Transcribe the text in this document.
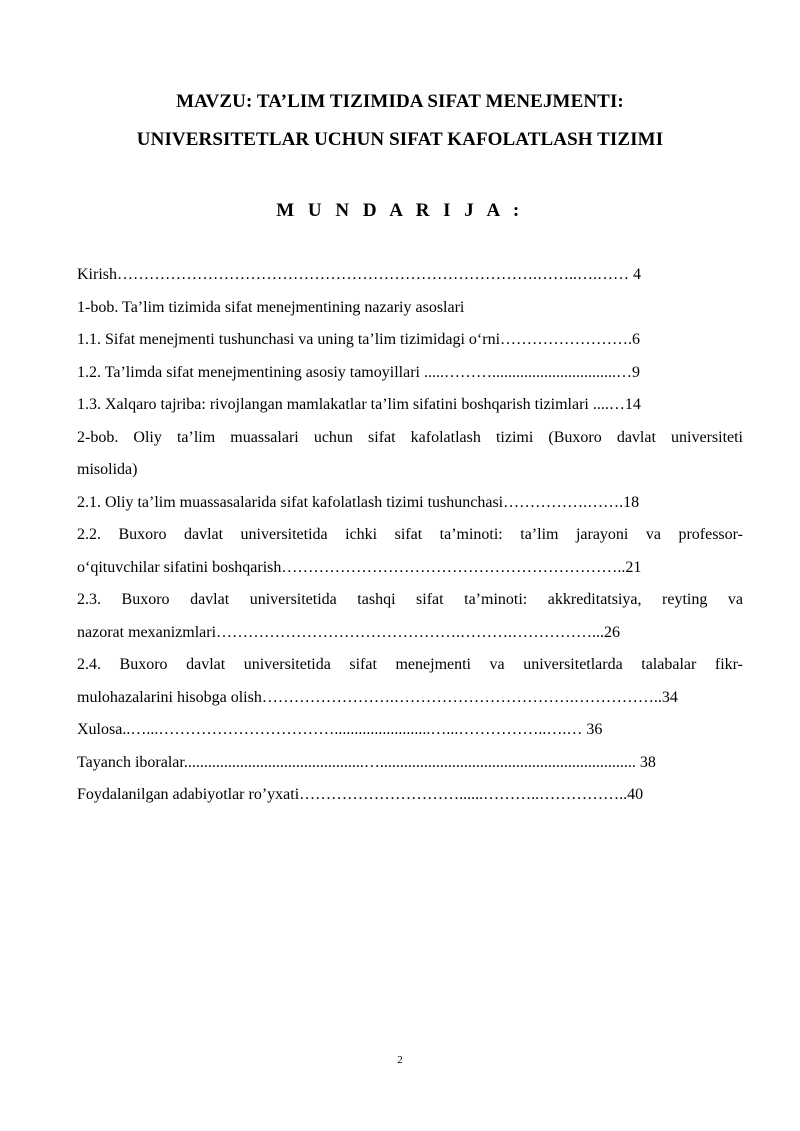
MAVZU: TA’LIM TIZIMIDA SIFAT MENEJMENTI:
UNIVERSITETLAR UCHUN SIFAT KAFOLATLASH TIZIMI
M U N D A R I J A :
Kirish…………………………………………………………………….……..….…… 4
1-bob. Ta’lim tizimida sifat menejmentining nazariy asoslari
1.1. Sifat menejmenti tushunchasi va uning ta’lim tizimidagi o‘rni…………………….6
1.2. Ta’limda sifat menejmentining asosiy tamoyillari .....………...............................…9
1.3. Xalqaro tajriba: rivojlangan mamlakatlar ta’lim sifatini boshqarish tizimlari ....…14
2-bob. Oliy ta’lim muassalari uchun sifat kafolatlash tizimi (Buxoro davlat universiteti
misolida)
2.1. Oliy ta’lim muassasalarida sifat kafolatlash tizimi tushunchasi…………….…….18
2.2. Buxoro davlat universitetida ichki sifat ta’minoti: ta’lim jarayoni va professor-
o‘qituvchilar sifatini boshqarish………………………………………………………..21
2.3. Buxoro davlat universitetida tashqi sifat ta’minoti: akkreditatsiya, reyting va
nazorat mexanizmlari……………………………………….……….……………...26
2.4. Buxoro davlat universitetida sifat menejmenti va universitetlarda talabalar fikr-
mulohazalarini hisobga olish…………………….…………………………….……………..34
Xulosa..…...……………………………........................…...……………..….… 36
Tayanch iboralar.............................................…................................................................ 38
Foydalanilgan adabiyotlar ro’yxati…………………………......………..……………..40
2
